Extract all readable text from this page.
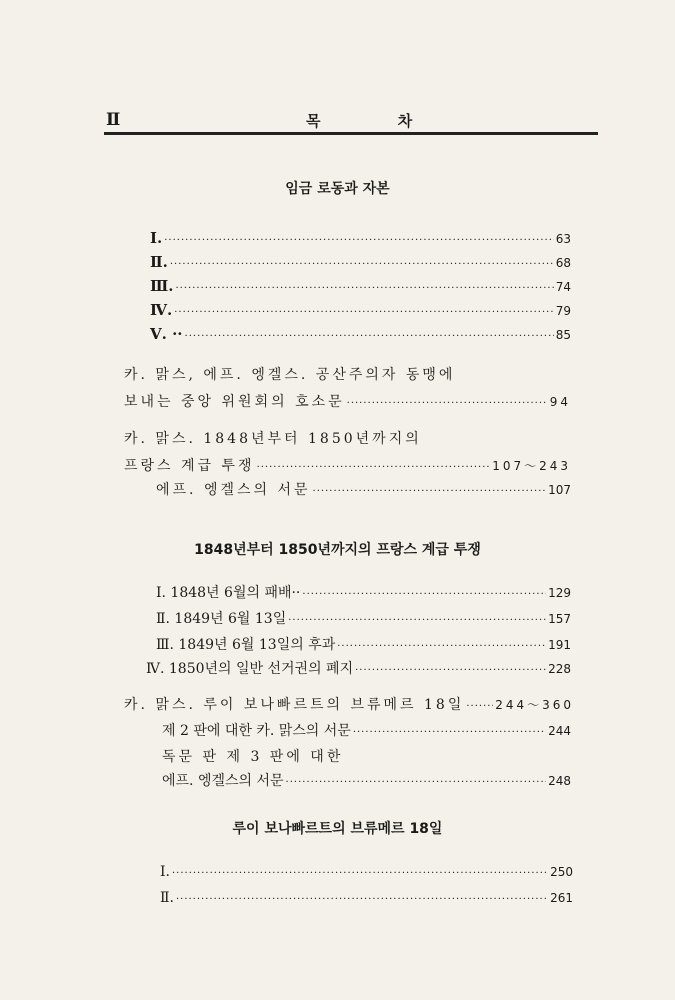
Ⅱ	목 차
임금 로동과 자본
Ⅰ. ·····	63
Ⅱ. ·····	68
Ⅲ. ·····	74
Ⅳ. ·····	79
Ⅴ. ·· ·····	85
카. 맑스, 에프. 엥겔스. 공산주의자 동맹에
보내는 중앙 위원회의 호소문 ·····	94
카. 맑스. 1848년부터 1850년까지의
프랑스 계급 투쟁 ·····	107～243
에프. 엥겔스의 서문 ·····	107
1848년부터 1850년까지의 프랑스 계급 투쟁
Ⅰ. 1848년 6월의 패배·· ·····	129
Ⅱ. 1849년 6월 13일 ·····	157
Ⅲ. 1849년 6월 13일의 후과 ·····	191
Ⅳ. 1850년의 일반 선거권의 폐지 ·····	228
카. 맑스. 루이 보나빠르트의 브류메르 18일 ·····	244～360
제 2 판에 대한 카. 맑스의 서문 ·····	244
독문 판 제 3 판에 대한
에프. 엥겔스의 서문 ·····	248
루이 보나빠르트의 브류메르 18일
Ⅰ. ·····	250
Ⅱ. ·····	261
